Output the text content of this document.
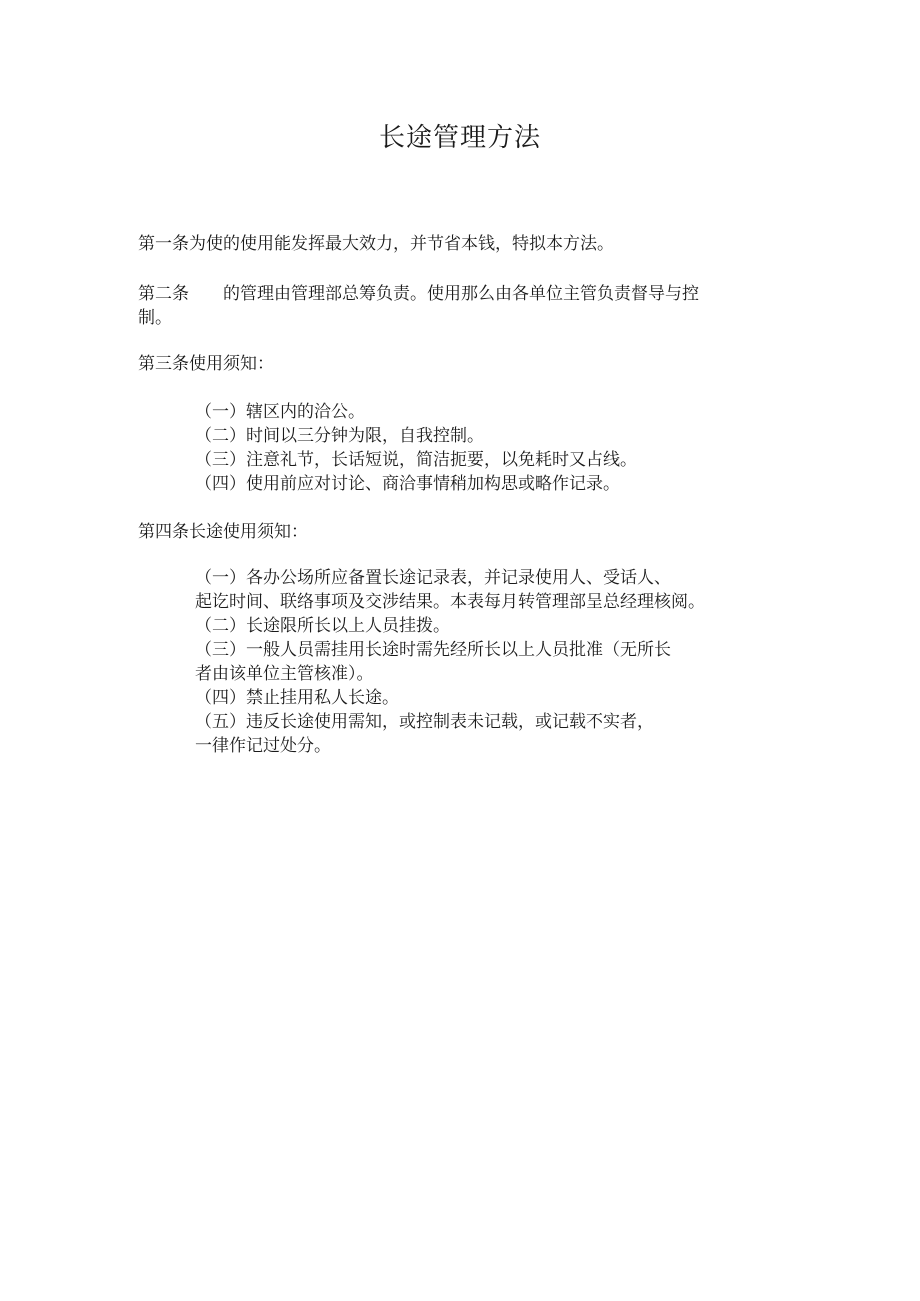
长途管理方法
第一条为使的使用能发挥最大效力，并节省本钱，特拟本方法。
第二条 的管理由管理部总筹负责。使用那么由各单位主管负责督导与控
制。
第三条使用须知：
（一）辖区内的洽公。
（二）时间以三分钟为限，自我控制。
（三）注意礼节，长话短说，简洁扼要，以免耗时又占线。
（四）使用前应对讨论、商洽事情稍加构思或略作记录。
第四条长途使用须知：
（一）各办公场所应备置长途记录表，并记录使用人、受话人、
起讫时间、联络事项及交涉结果。本表每月转管理部呈总经理核阅。
（二）长途限所长以上人员挂拨。
（三）一般人员需挂用长途时需先经所长以上人员批准（无所长
者由该单位主管核准）。
（四）禁止挂用私人长途。
（五）违反长途使用需知，或控制表未记载，或记载不实者，
一律作记过处分。
